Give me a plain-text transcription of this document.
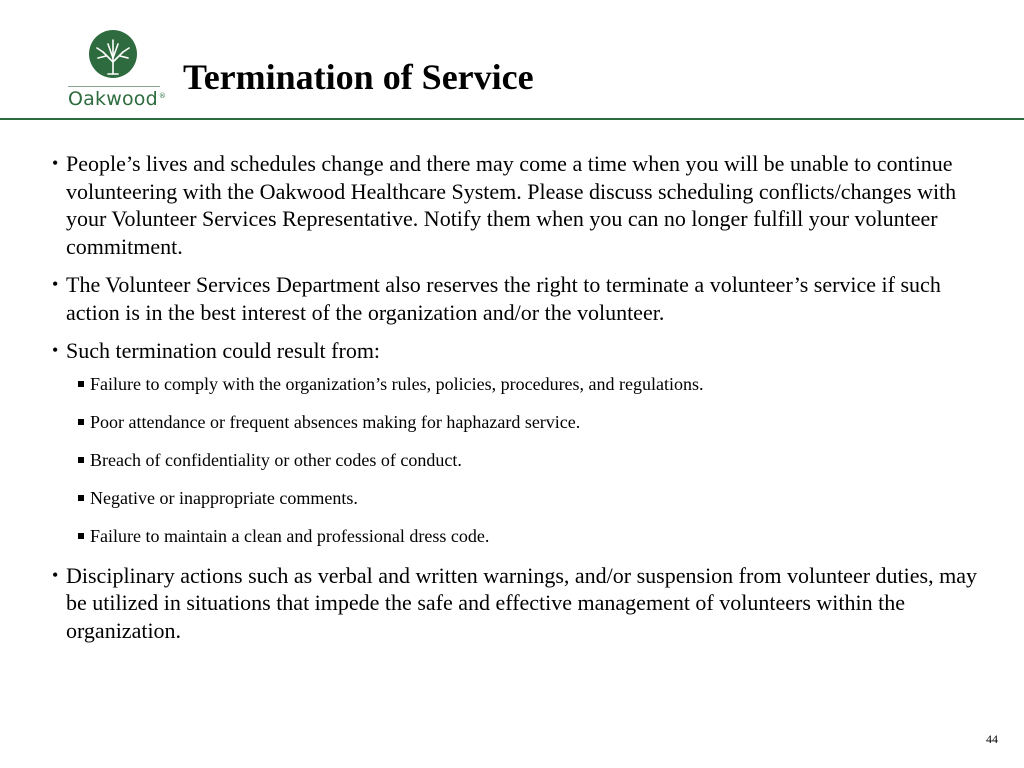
Oakwood® Termination of Service
• People’s lives and schedules change and there may come a time when you will be unable to continue volunteering with the Oakwood Healthcare System. Please discuss scheduling conflicts/changes with your Volunteer Services Representative. Notify them when you can no longer fulfill your volunteer commitment.
• The Volunteer Services Department also reserves the right to terminate a volunteer’s service if such action is in the best interest of the organization and/or the volunteer.
• Such termination could result from:
Failure to comply with the organization’s rules, policies, procedures, and regulations.
Poor attendance or frequent absences making for haphazard service.
Breach of confidentiality or other codes of conduct.
Negative or inappropriate comments.
Failure to maintain a clean and professional dress code.
• Disciplinary actions such as verbal and written warnings, and/or suspension from volunteer duties, may be utilized in situations that impede the safe and effective management of volunteers within the organization.
44
